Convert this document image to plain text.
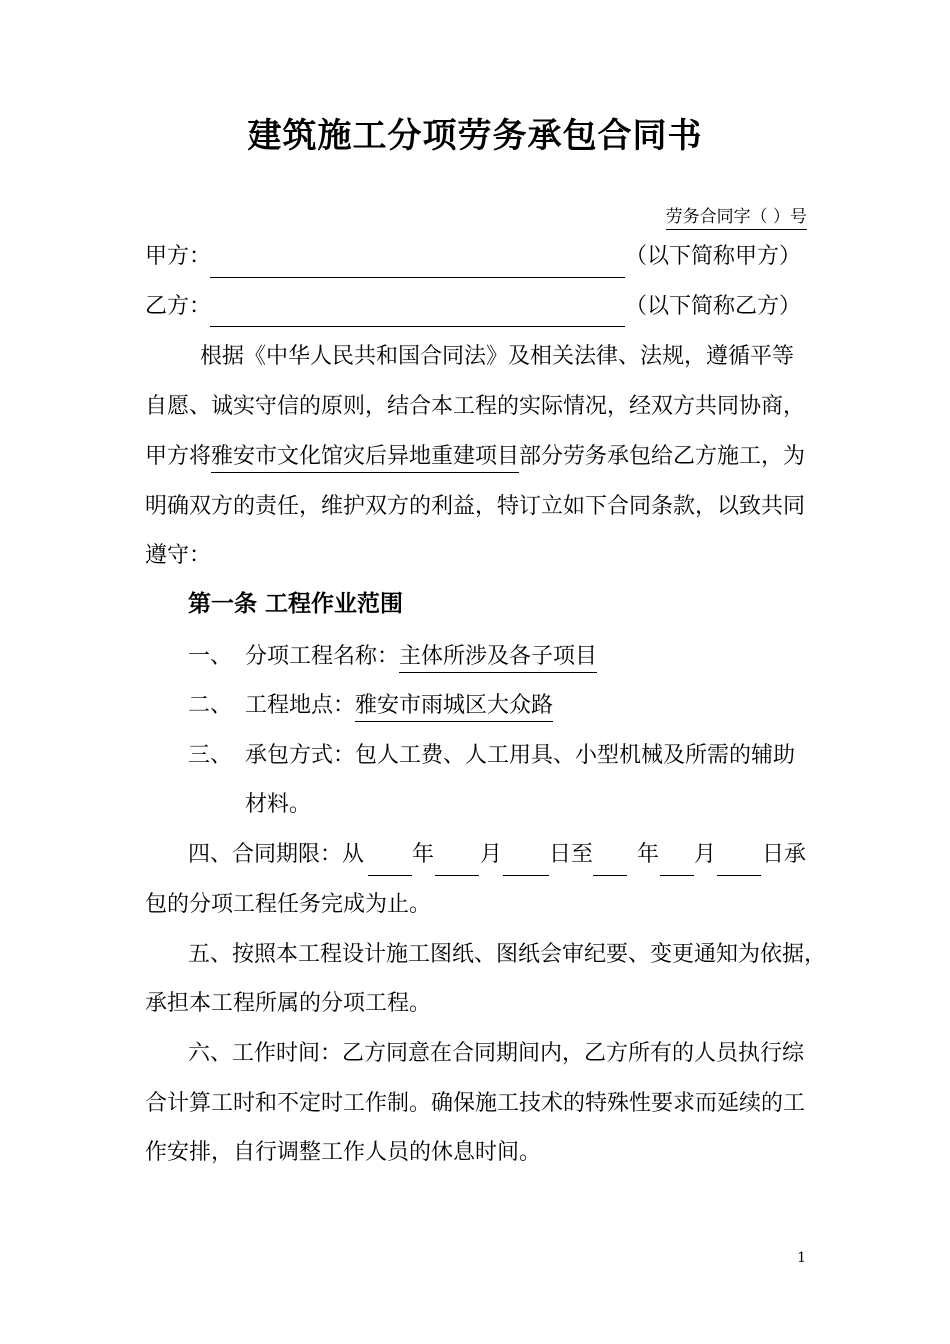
建筑施工分项劳务承包合同书
劳务合同字（ ）号
甲方：	（以下简称甲方）
乙方：	（以下简称乙方）
根据《中华人民共和国合同法》及相关法律、法规，遵循平等
自愿、诚实守信的原则，结合本工程的实际情况，经双方共同协商，
甲方将雅安市文化馆灾后异地重建项目部分劳务承包给乙方施工，为
明确双方的责任，维护双方的利益，特订立如下合同条款，以致共同
遵守：
第一条 工程作业范围
一、 分项工程名称：主体所涉及各子项目
二、 工程地点：雅安市雨城区大众路
三、 承包方式：包人工费、人工用具、小型机械及所需的辅助
材料。
四、合同期限：从 年 月 日至 年 月 日承
包的分项工程任务完成为止。
五、按照本工程设计施工图纸、图纸会审纪要、变更通知为依据，
承担本工程所属的分项工程。
六、工作时间：乙方同意在合同期间内，乙方所有的人员执行综
合计算工时和不定时工作制。确保施工技术的特殊性要求而延续的工
作安排，自行调整工作人员的休息时间。
1
